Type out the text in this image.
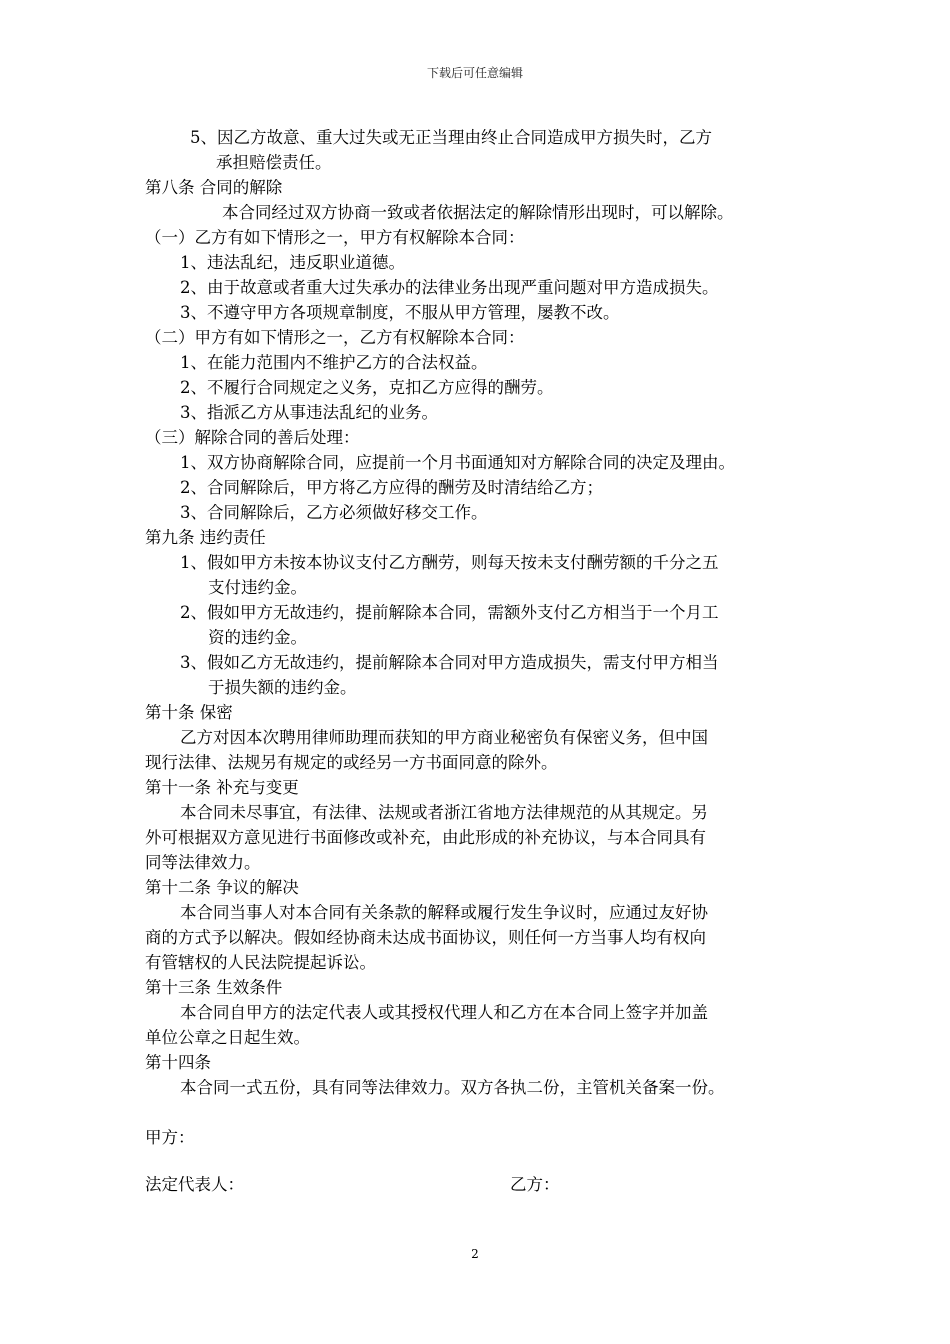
下载后可任意编辑
5、因乙方故意、重大过失或无正当理由终止合同造成甲方损失时，乙方
承担赔偿责任。
第八条 合同的解除
本合同经过双方协商一致或者依据法定的解除情形出现时，可以解除。
（一）乙方有如下情形之一，甲方有权解除本合同：
1、违法乱纪，违反职业道德。
2、由于故意或者重大过失承办的法律业务出现严重问题对甲方造成损失。
3、不遵守甲方各项规章制度，不服从甲方管理，屡教不改。
（二）甲方有如下情形之一，乙方有权解除本合同：
1、在能力范围内不维护乙方的合法权益。
2、不履行合同规定之义务，克扣乙方应得的酬劳。
3、指派乙方从事违法乱纪的业务。
（三）解除合同的善后处理：
1、双方协商解除合同，应提前一个月书面通知对方解除合同的决定及理由。
2、合同解除后，甲方将乙方应得的酬劳及时清结给乙方；
3、合同解除后，乙方必须做好移交工作。
第九条 违约责任
1、假如甲方未按本协议支付乙方酬劳，则每天按未支付酬劳额的千分之五
支付违约金。
2、假如甲方无故违约，提前解除本合同，需额外支付乙方相当于一个月工
资的违约金。
3、假如乙方无故违约，提前解除本合同对甲方造成损失，需支付甲方相当
于损失额的违约金。
第十条 保密
乙方对因本次聘用律师助理而获知的甲方商业秘密负有保密义务，但中国
现行法律、法规另有规定的或经另一方书面同意的除外。
第十一条 补充与变更
本合同未尽事宜，有法律、法规或者浙江省地方法律规范的从其规定。另
外可根据双方意见进行书面修改或补充，由此形成的补充协议，与本合同具有
同等法律效力。
第十二条 争议的解决
本合同当事人对本合同有关条款的解释或履行发生争议时，应通过友好协
商的方式予以解决。假如经协商未达成书面协议，则任何一方当事人均有权向
有管辖权的人民法院提起诉讼。
第十三条 生效条件
本合同自甲方的法定代表人或其授权代理人和乙方在本合同上签字并加盖
单位公章之日起生效。
第十四条
本合同一式五份，具有同等法律效力。双方各执二份，主管机关备案一份。
甲方：
法定代表人：	乙方：
2
